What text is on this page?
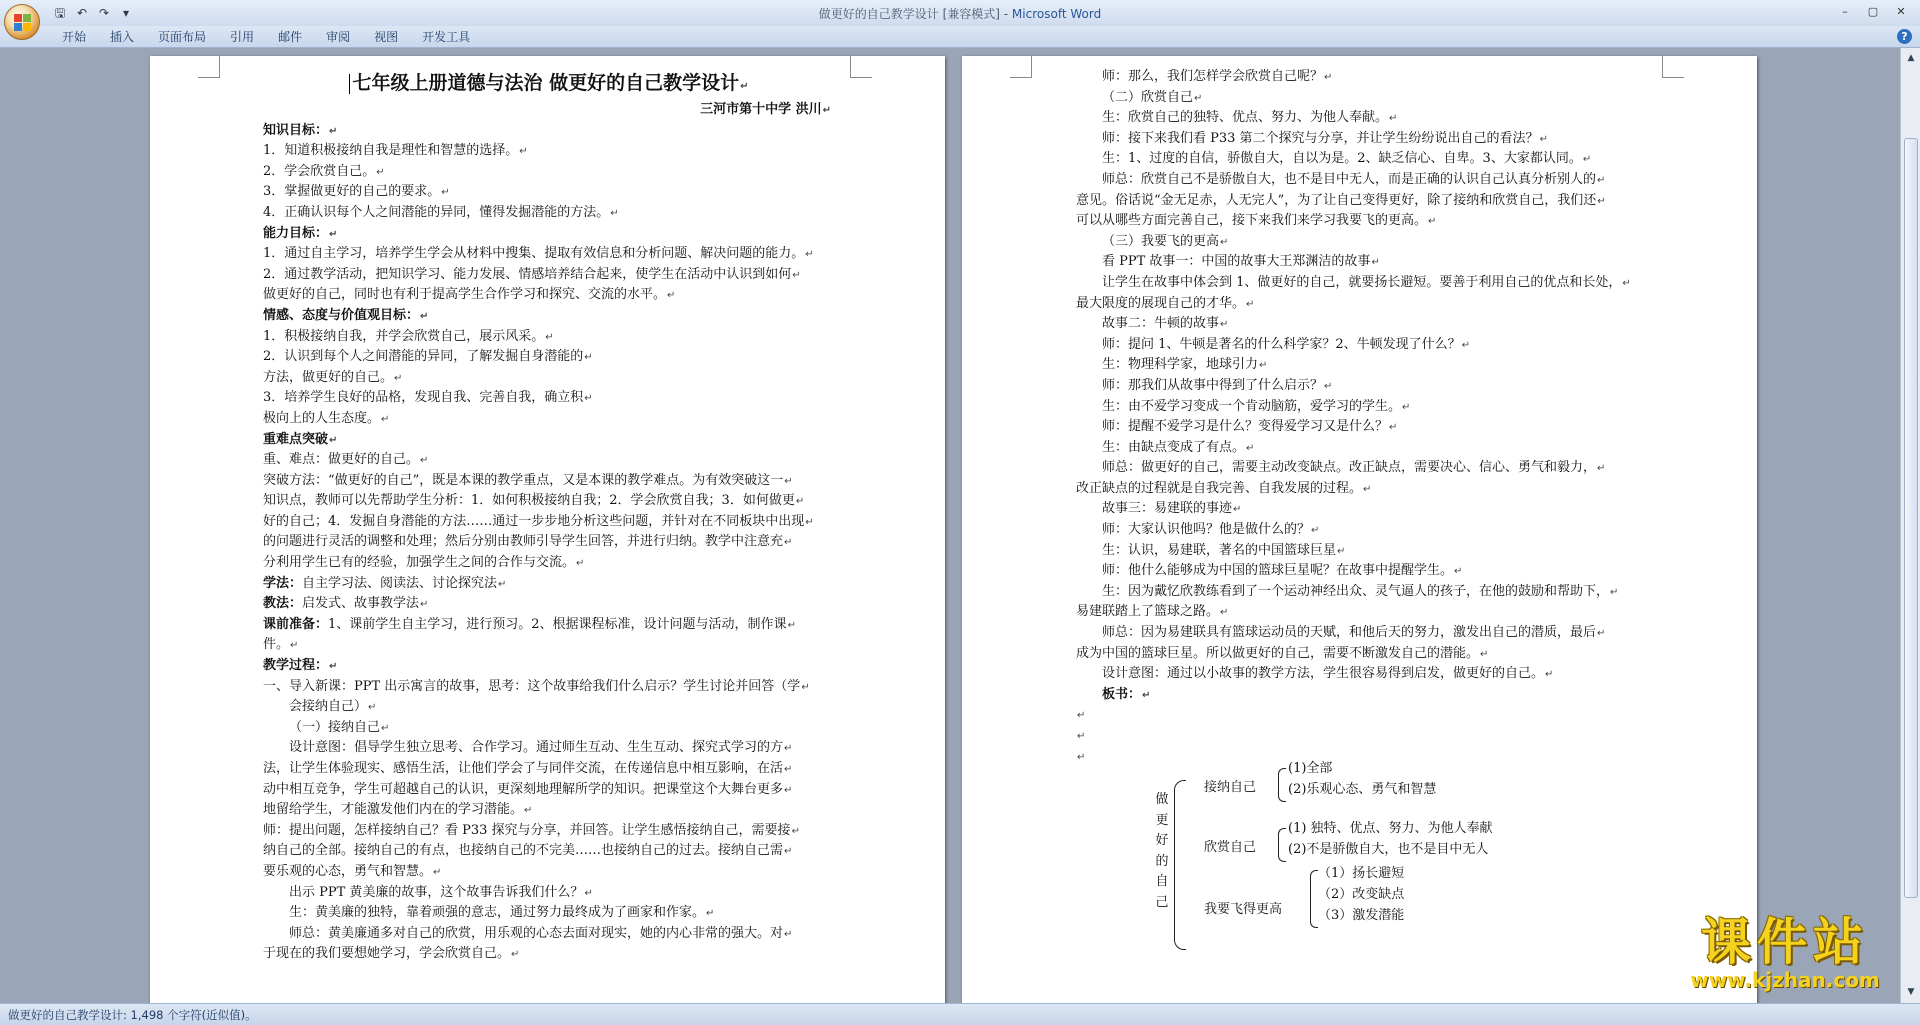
🖫 ↶ ↷	▾	做更好的自己教学设计 [兼容模式] - Microsoft Word	–	▢	✕
开始	插入	页面布局	引用	邮件	审阅	视图	开发工具	?
七年级上册道德与法治 做更好的自己教学设计↵
三河市第十中学 洪川↵
知识目标：↵
1．知道积极接纳自我是理性和智慧的选择。↵
2．学会欣赏自己。↵
3．掌握做更好的自己的要求。↵
4．正确认识每个人之间潜能的异同，懂得发掘潜能的方法。↵
能力目标：↵
1．通过自主学习，培养学生学会从材料中搜集、提取有效信息和分析问题、解决问题的能力。↵
2．通过教学活动，把知识学习、能力发展、情感培养结合起来，使学生在活动中认识到如何↵
做更好的自己，同时也有利于提高学生合作学习和探究、交流的水平。↵
情感、态度与价值观目标：↵
1．积极接纳自我，并学会欣赏自己，展示风采。↵
2．认识到每个人之间潜能的异同，了解发掘自身潜能的↵
方法，做更好的自己。↵
3．培养学生良好的品格，发现自我、完善自我，确立积↵
极向上的人生态度。↵
重难点突破↵
重、难点：做更好的自己。↵
突破方法：“做更好的自己”，既是本课的教学重点，又是本课的教学难点。为有效突破这一↵
知识点，教师可以先帮助学生分析：1．如何积极接纳自我；2．学会欣赏自我；3．如何做更↵
好的自己；4．发掘自身潜能的方法……通过一步步地分析这些问题，并针对在不同板块中出现↵
的问题进行灵活的调整和处理；然后分别由教师引导学生回答，并进行归纳。教学中注意充↵
分利用学生已有的经验，加强学生之间的合作与交流。↵
学法：自主学习法、阅读法、讨论探究法↵
教法：启发式、故事教学法↵
课前准备：1、课前学生自主学习，进行预习。2、根据课程标准，设计问题与活动，制作课↵
件。↵
教学过程：↵
一、导入新课：PPT 出示寓言的故事，思考：这个故事给我们什么启示？学生讨论并回答（学↵
会接纳自己）↵
（一）接纳自己↵
设计意图：倡导学生独立思考、合作学习。通过师生互动、生生互动、探究式学习的方↵
法，让学生体验现实、感悟生活，让他们学会了与同伴交流，在传递信息中相互影响，在活↵
动中相互竞争，学生可超越自己的认识，更深刻地理解所学的知识。把课堂这个大舞台更多↵
地留给学生，才能激发他们内在的学习潜能。↵
师：提出问题，怎样接纳自己？看 P33 探究与分享，并回答。让学生感悟接纳自己，需要接↵
纳自己的全部。接纳自己的有点，也接纳自己的不完美……也接纳自己的过去。接纳自己需↵
要乐观的心态，勇气和智慧。↵
出示 PPT 黄美廉的故事，这个故事告诉我们什么？↵
生：黄美廉的独特，靠着顽强的意志，通过努力最终成为了画家和作家。↵
师总：黄美廉通多对自己的欣赏，用乐观的心态去面对现实，她的内心非常的强大。对↵
于现在的我们要想她学习，学会欣赏自己。↵
师：那么，我们怎样学会欣赏自己呢？↵
（二）欣赏自己↵
生：欣赏自己的独特、优点、努力、为他人奉献。↵
师：接下来我们看 P33 第二个探究与分享，并让学生纷纷说出自己的看法？↵
生：1、过度的自信，骄傲自大，自以为是。2、缺乏信心、自卑。3、大家都认同。↵
师总：欣赏自己不是骄傲自大，也不是目中无人，而是正确的认识自己认真分析别人的↵
意见。俗话说“金无足赤，人无完人”，为了让自己变得更好，除了接纳和欣赏自己，我们还↵
可以从哪些方面完善自己，接下来我们来学习我要飞的更高。↵
（三）我要飞的更高↵
看 PPT 故事一：中国的故事大王郑渊洁的故事↵
让学生在故事中体会到 1、做更好的自己，就要扬长避短。要善于利用自己的优点和长处，↵
最大限度的展现自己的才华。↵
故事二：牛顿的故事↵
师：提问 1、牛顿是著名的什么科学家？2、牛顿发现了什么？↵
生：物理科学家，地球引力↵
师：那我们从故事中得到了什么启示？↵
生：由不爱学习变成一个肯动脑筋，爱学习的学生。↵
师：提醒不爱学习是什么？变得爱学习又是什么？↵
生：由缺点变成了有点。↵
师总：做更好的自己，需要主动改变缺点。改正缺点，需要决心、信心、勇气和毅力，↵
改正缺点的过程就是自我完善、自我发展的过程。↵
故事三：易建联的事迹↵
师：大家认识他吗？他是做什么的？↵
生：认识，易建联，著名的中国篮球巨星↵
师：他什么能够成为中国的篮球巨星呢？在故事中提醒学生。↵
生：因为戴忆欣教练看到了一个运动神经出众、灵气逼人的孩子，在他的鼓励和帮助下，↵
易建联踏上了篮球之路。↵
师总：因为易建联具有篮球运动员的天赋，和他后天的努力，激发出自己的潜质，最后↵
成为中国的篮球巨星。所以做更好的自己，需要不断激发自己的潜能。↵
设计意图：通过以小故事的教学方法，学生很容易得到启发，做更好的自己。↵
板书：↵
↵
↵
↵
做
更
好
的
自
己
接纳自己
(1)全部
(2)乐观心态、勇气和智慧
欣赏自己
(1) 独特、优点、努力、为他人奉献
(2)不是骄傲自大，也不是目中无人
我要飞得更高
（1）扬长避短
（2）改变缺点
（3）激发潜能
▲
▼
做更好的自己教学设计: 1,498 个字符(近似值)。
课件站
www.kjzhan.com
